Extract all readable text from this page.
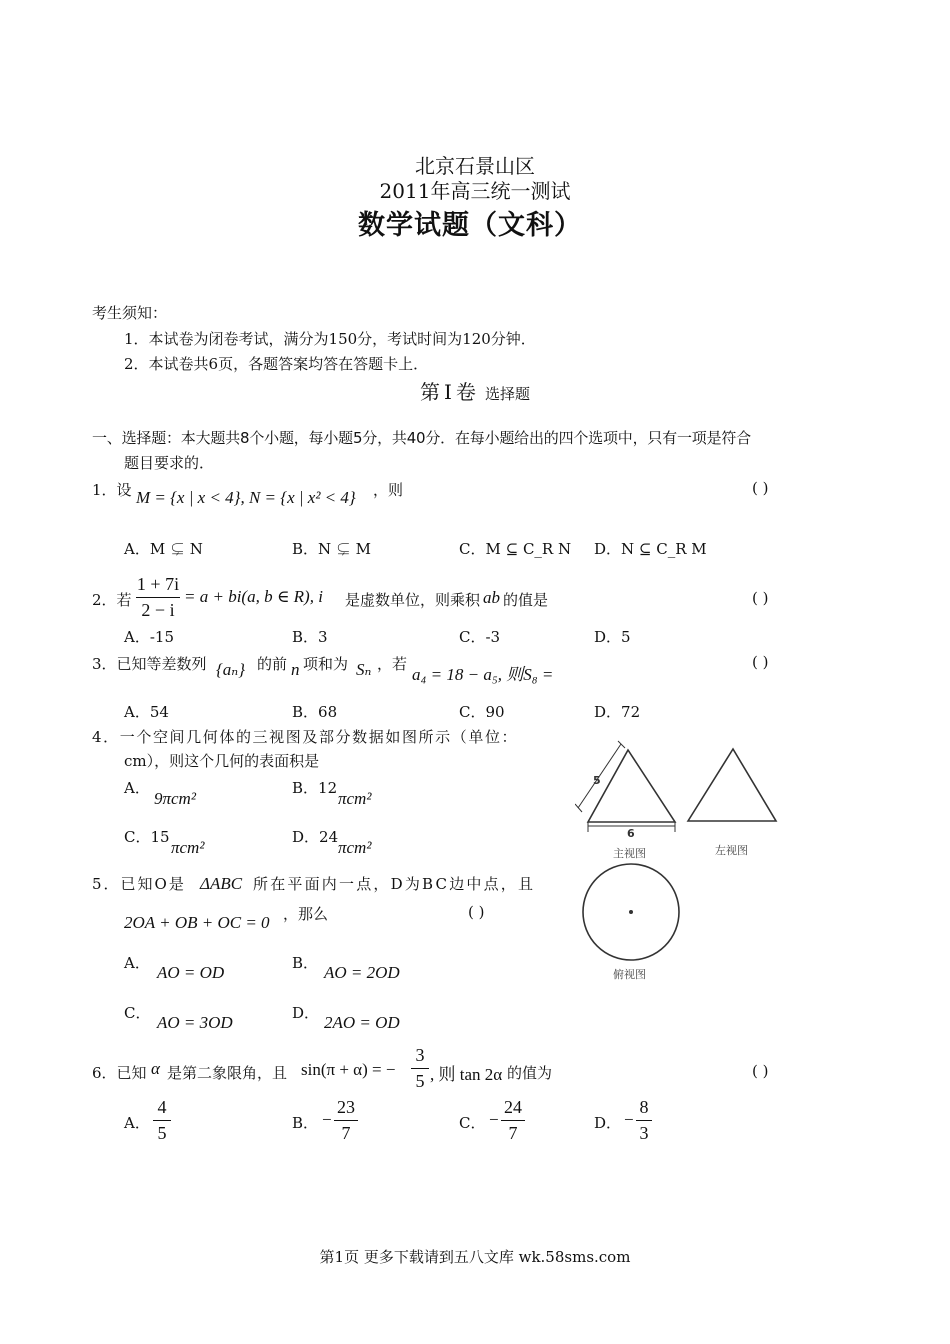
北京石景山区
2011年高三统一测试
数学试题（文科）
考生须知：
1．本试卷为闭卷考试，满分为150分，考试时间为120分钟．
2．本试卷共6页，各题答案均答在答题卡上．
第Ⅰ卷 选择题
一、选择题：本大题共8个小题，每小题5分，共40分．在每小题给出的四个选项中，只有一项是符合
题目要求的．
1．设 M = {x | x < 4}, N = {x | x² < 4} ，则	( )
A．M ⊊ N	B．N ⊊ M	C．M ⊆ C_R N D．N ⊆ C_R M
2．若
1 + 7i
2 − i
= a + bi(a, b ∈ R), i 是虚数单位，则乘积 ab 的值是	( )
A．-15	B．3	C．-3	D．5
3．已知等差数列 {aₙ} 的前 n 项和为 Sₙ ，若
a₄ = 18 − a₅, 则S₈ =
( )
A．54	B．68	C．90	D．72
4．一个空间几何体的三视图及部分数据如图所示（单位：
cm），则这个几何的表面积是
A．
9πcm²
B．12
πcm²
C．15
πcm²
D．24
πcm²
5．已知O是 ΔABC 所在平面内一点，D为BC边中点，且
2OA + OB + OC = 0 ，那么	( )
A． AO = OD	B． AO = 2OD
C． AO = 3OD	D． 2AO = OD
5
6
主视图	左视图
俯视图
6．已知 α 是第二象限角，且 sin(π + α) = −
3
5 , 则 tan 2α 的值为	( )
A．
4
5	B． −
23
7	C． −
24
7	D． −
8
3
第1页 更多下载请到五八文库 wk.58sms.com
